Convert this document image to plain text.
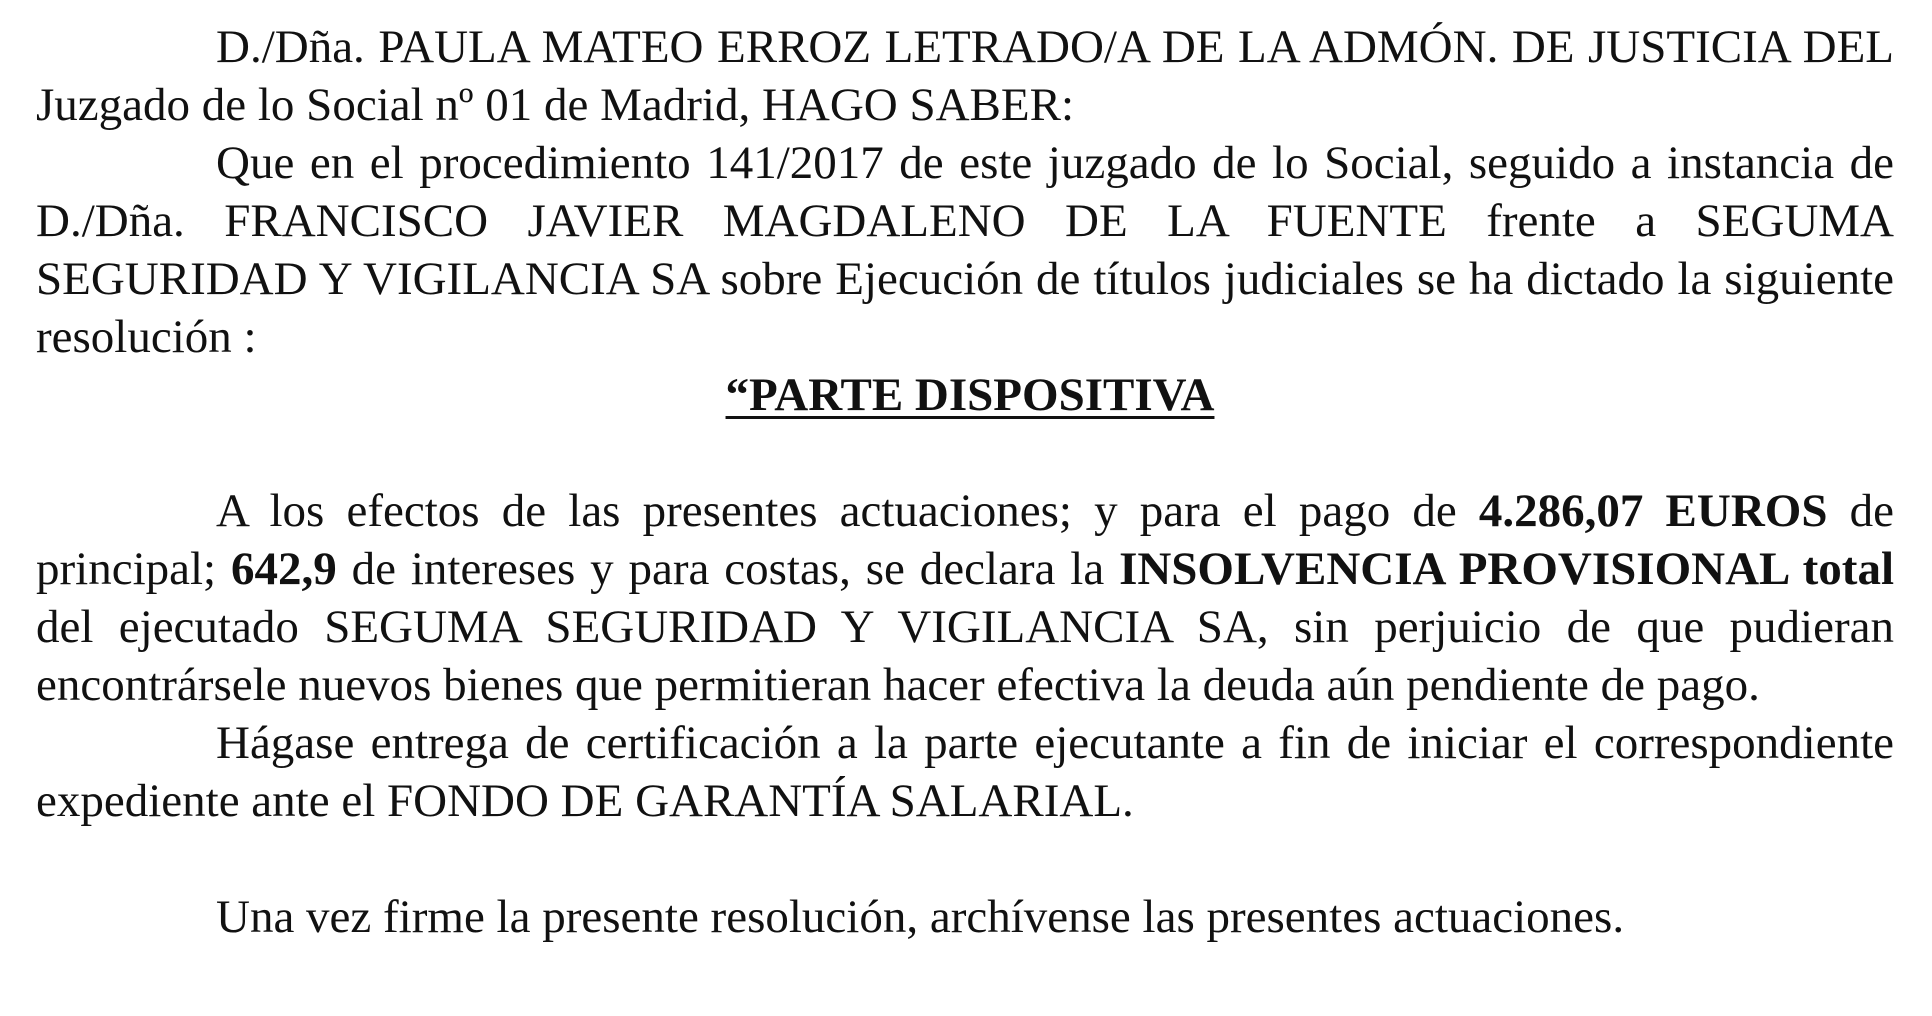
D./Dña. PAULA MATEO ERROZ LETRADO/A DE LA ADMÓN. DE JUSTICIA DEL Juzgado de lo Social nº 01 de Madrid, HAGO SABER:

Que en el procedimiento 141/2017 de este juzgado de lo Social, seguido a instancia de D./Dña. FRANCISCO JAVIER MAGDALENO DE LA FUENTE frente a SEGUMA SEGURIDAD Y VIGILANCIA SA sobre Ejecución de títulos judiciales se ha dictado la siguiente resolución :

“PARTE DISPOSITIVA

A los efectos de las presentes actuaciones; y para el pago de 4.286,07 EUROS de principal; 642,9 de intereses y para costas, se declara la INSOLVENCIA PROVISIONAL total del ejecutado SEGUMA SEGURIDAD Y VIGILANCIA SA, sin perjuicio de que pudieran encontrársele nuevos bienes que permitieran hacer efectiva la deuda aún pendiente de pago.

Hágase entrega de certificación a la parte ejecutante a fin de iniciar el correspondiente expediente ante el FONDO DE GARANTÍA SALARIAL.

Una vez firme la presente resolución, archívense las presentes actuaciones.
